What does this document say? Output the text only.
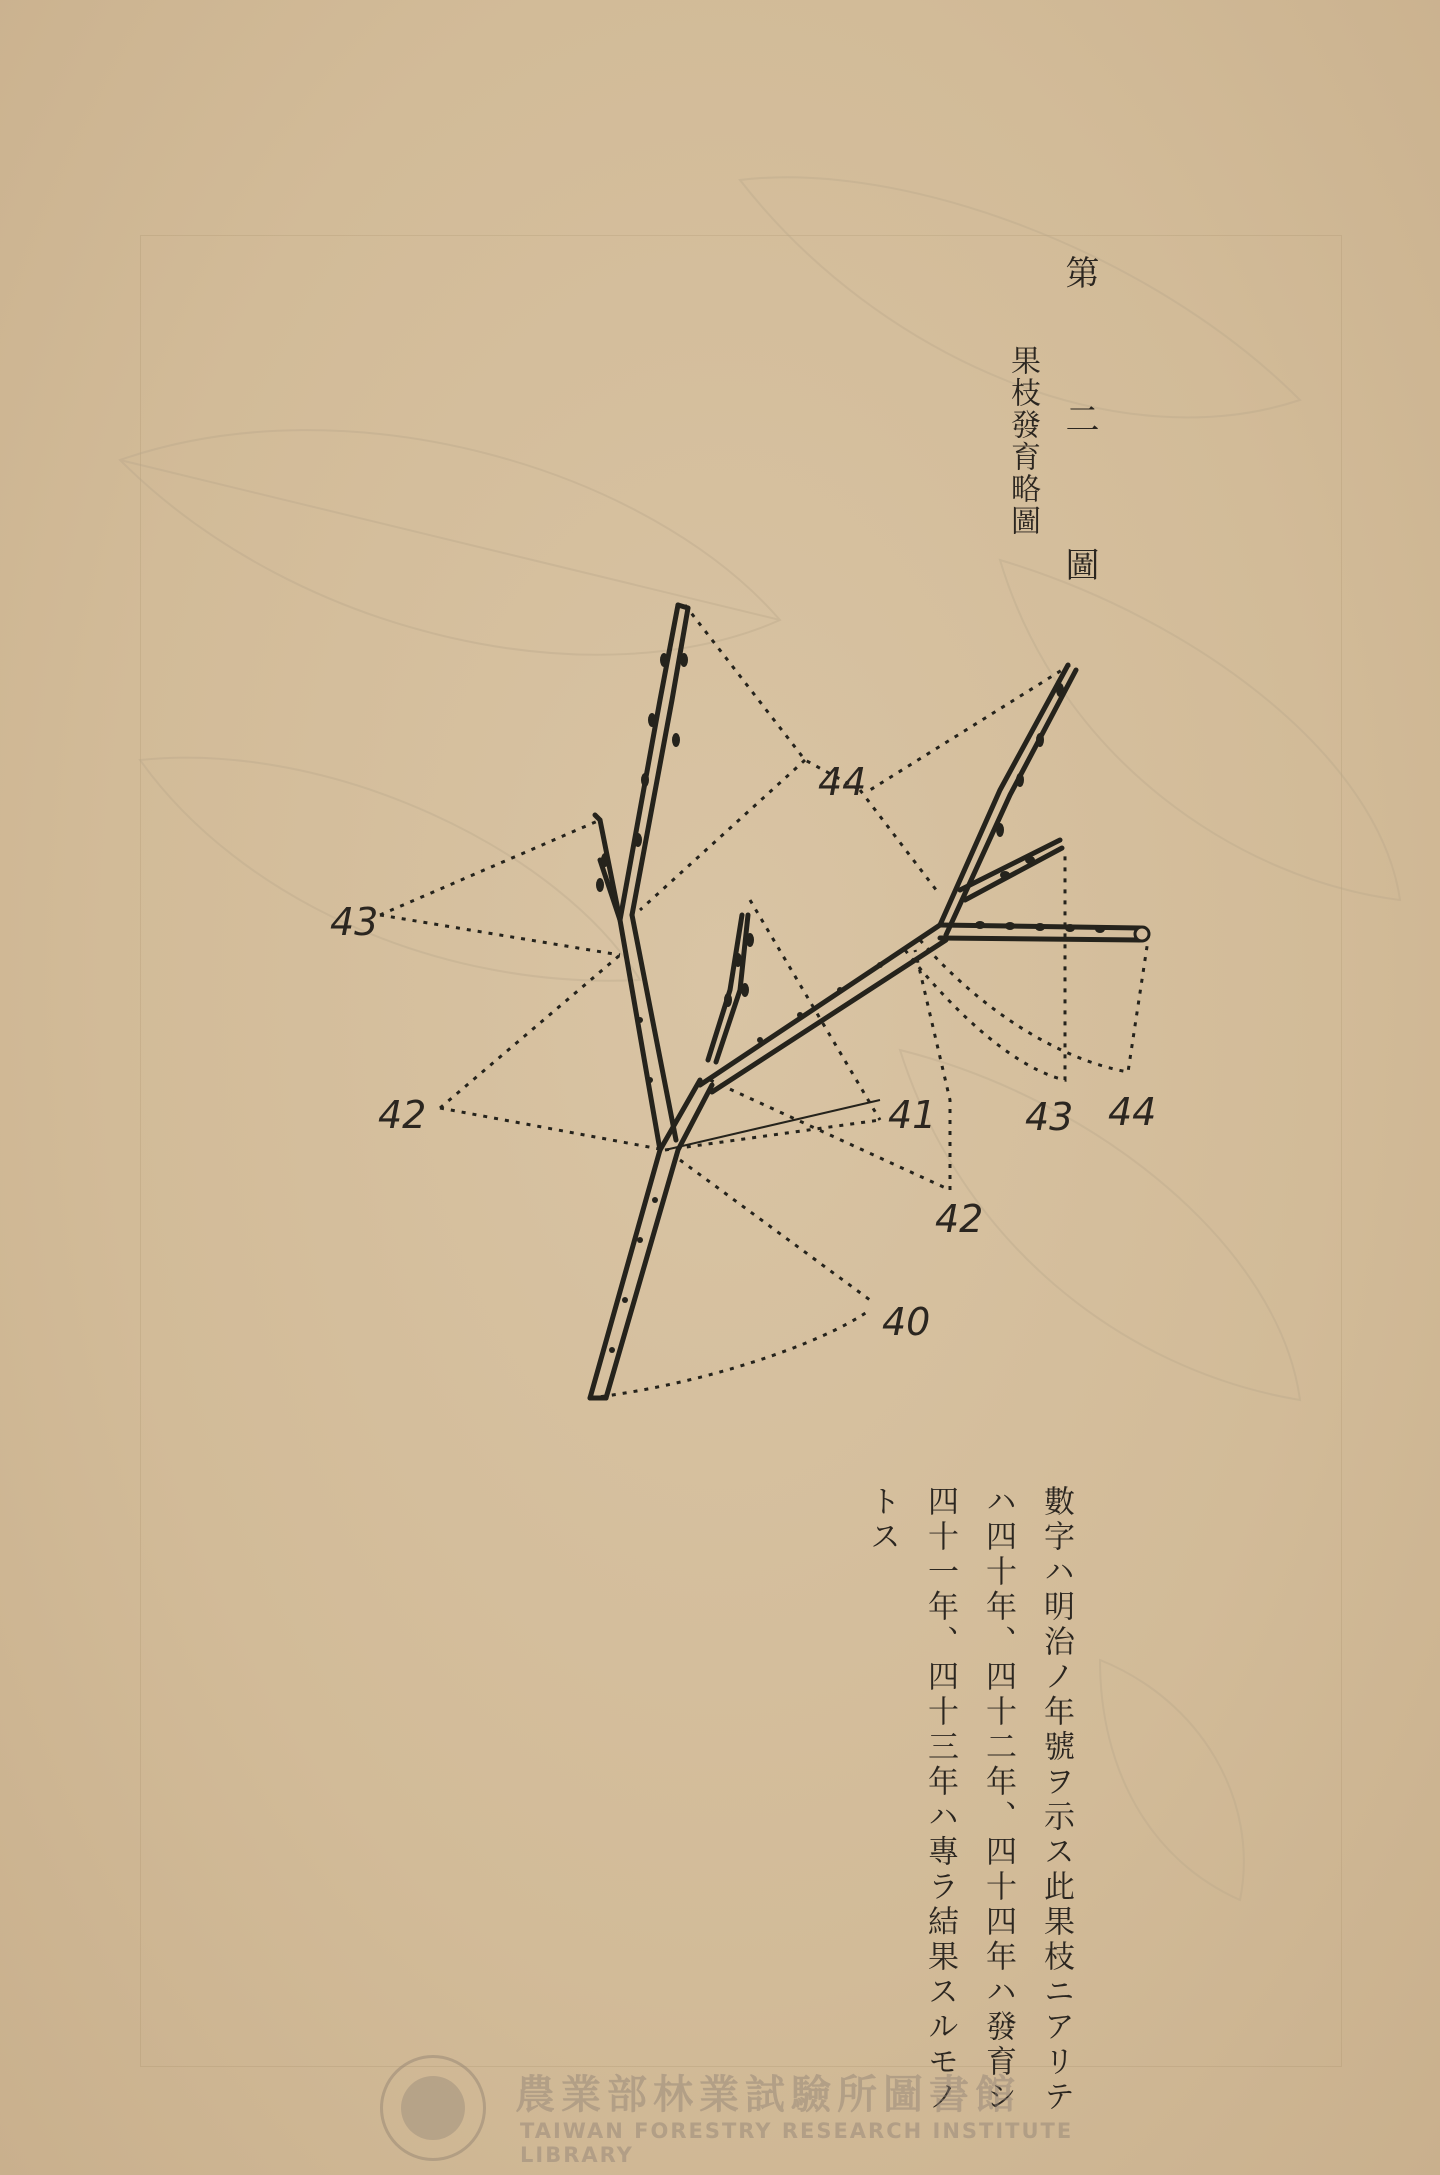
44
43
42	41 43 44
42
40
第 二 圖
果枝發育略圖
數字ハ明治ノ年號ヲ示ス此果枝ニアリテ
ハ四十年、四十二年、四十四年ハ發育シ
四十一年、四十三年ハ專ラ結果スルモノ
トス
農業部林業試驗所圖書館
TAIWAN FORESTRY RESEARCH INSTITUTE LIBRARY
